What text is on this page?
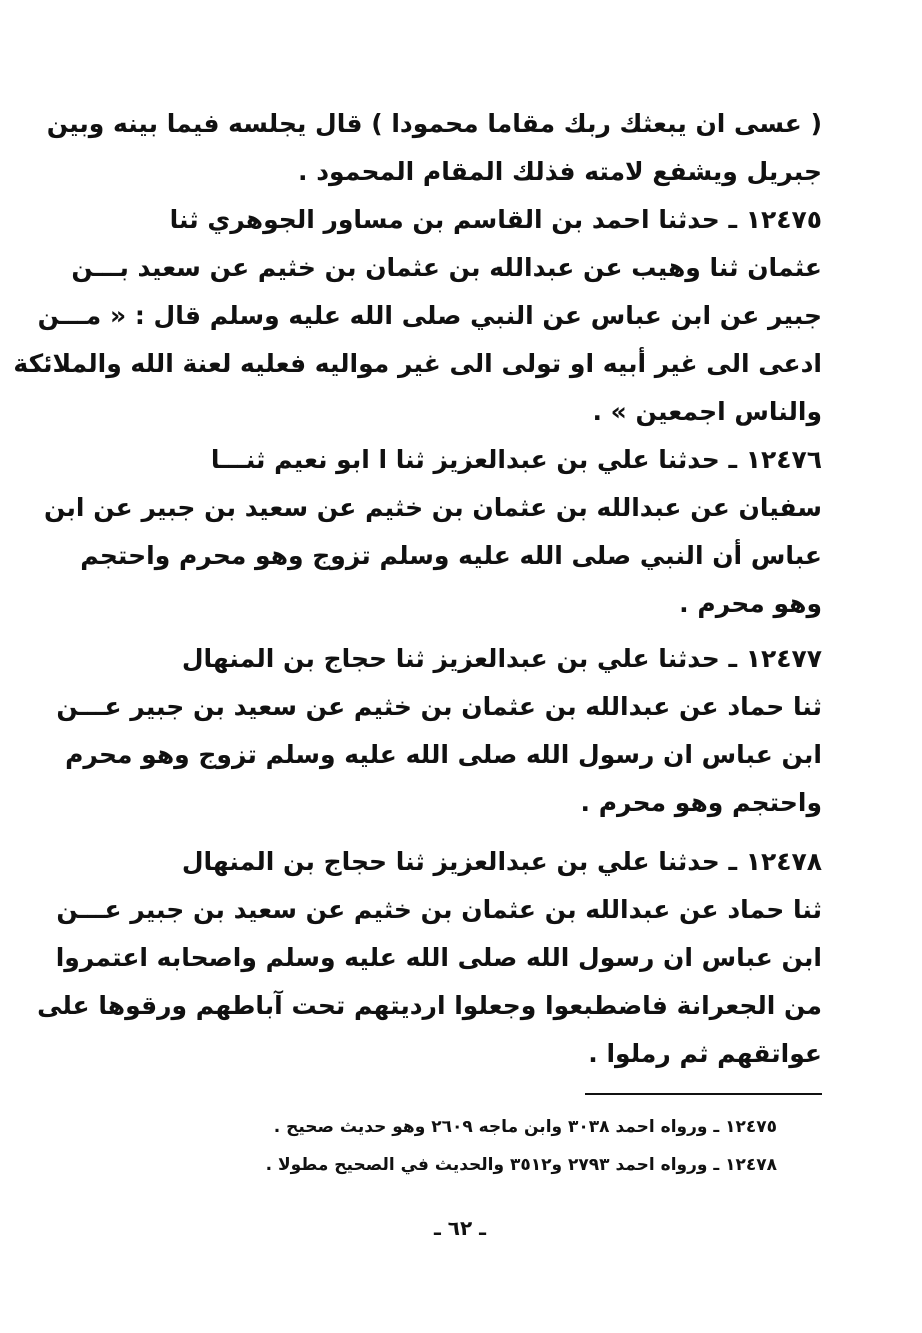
( عسى ان يبعثك ربك مقاما محمودا ) قال يجلسه فيما بينه وبين
جبريل ويشفع لامته فذلك المقام المحمود .
١٢٤٧٥ ـ حدثنا احمد بن القاسم بن مساور الجوهري ثنا
عثمان ثنا وهيب عن عبدالله بن عثمان بن خثيم عن سعيد بـــن
جبير عن ابن عباس عن النبي صلى الله عليه وسلم قال : « مـــن
ادعى الى غير أبيه او تولى الى غير مواليه فعليه لعنة الله والملائكة
والناس اجمعين » .
١٢٤٧٦ ـ حدثنا علي بن عبدالعزيز ثنا ا ابو نعيم ثنـــا
سفيان عن عبدالله بن عثمان بن خثيم عن سعيد بن جبير عن ابن
عباس أن النبي صلى الله عليه وسلم تزوج وهو محرم واحتجم
وهو محرم .
١٢٤٧٧ ـ حدثنا علي بن عبدالعزيز ثنا حجاج بن المنهال
ثنا حماد عن عبدالله بن عثمان بن خثيم عن سعيد بن جبير عـــن
ابن عباس ان رسول الله صلى الله عليه وسلم تزوج وهو محرم
واحتجم وهو محرم .
١٢٤٧٨ ـ حدثنا علي بن عبدالعزيز ثنا حجاج بن المنهال
ثنا حماد عن عبدالله بن عثمان بن خثيم عن سعيد بن جبير عـــن
ابن عباس ان رسول الله صلى الله عليه وسلم واصحابه اعتمروا
من الجعرانة فاضطبعوا وجعلوا ارديتهم تحت آباطهم ورقوها على
عواتقهم ثم رملوا .
١٢٤٧٥ ـ ورواه احمد ٣٠٣٨ وابن ماجه ٢٦٠٩ وهو حديث صحيح .
١٢٤٧٨ ـ ورواه احمد ٢٧٩٣ و٣٥١٢ والحديث في الصحيح مطولا .
ـ ٦٢ ـ
